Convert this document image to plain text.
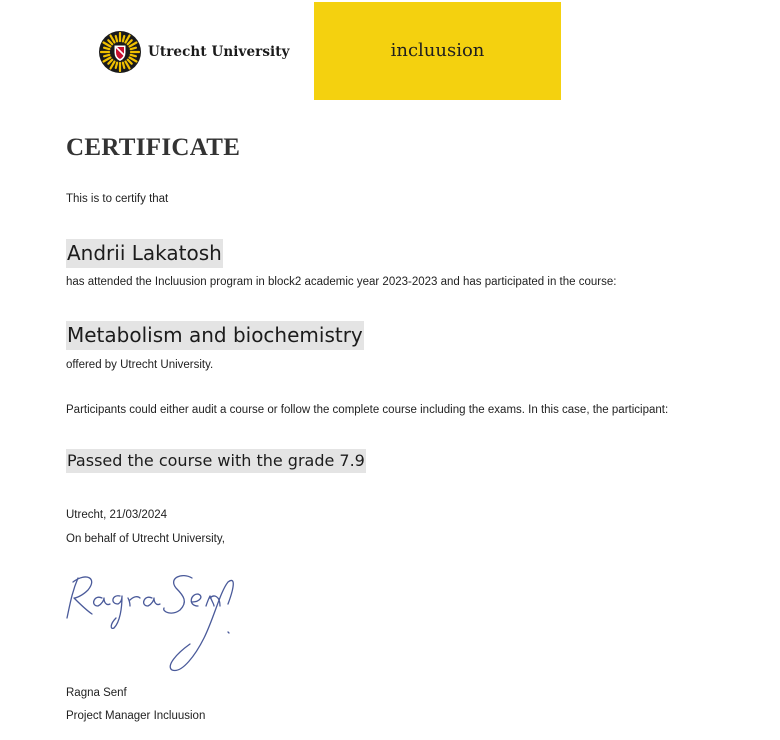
Utrecht University	incluusion
CERTIFICATE
This is to certify that
Andrii Lakatosh
has attended the Incluusion program in block2 academic year 2023-2023 and has participated in the course:
Metabolism and biochemistry
offered by Utrecht University.
Participants could either audit a course or follow the complete course including the exams. In this case, the participant:
Passed the course with the grade 7.9
Utrecht, 21/03/2024
On behalf of Utrecht University,
Ragna Senf
Project Manager Incluusion
